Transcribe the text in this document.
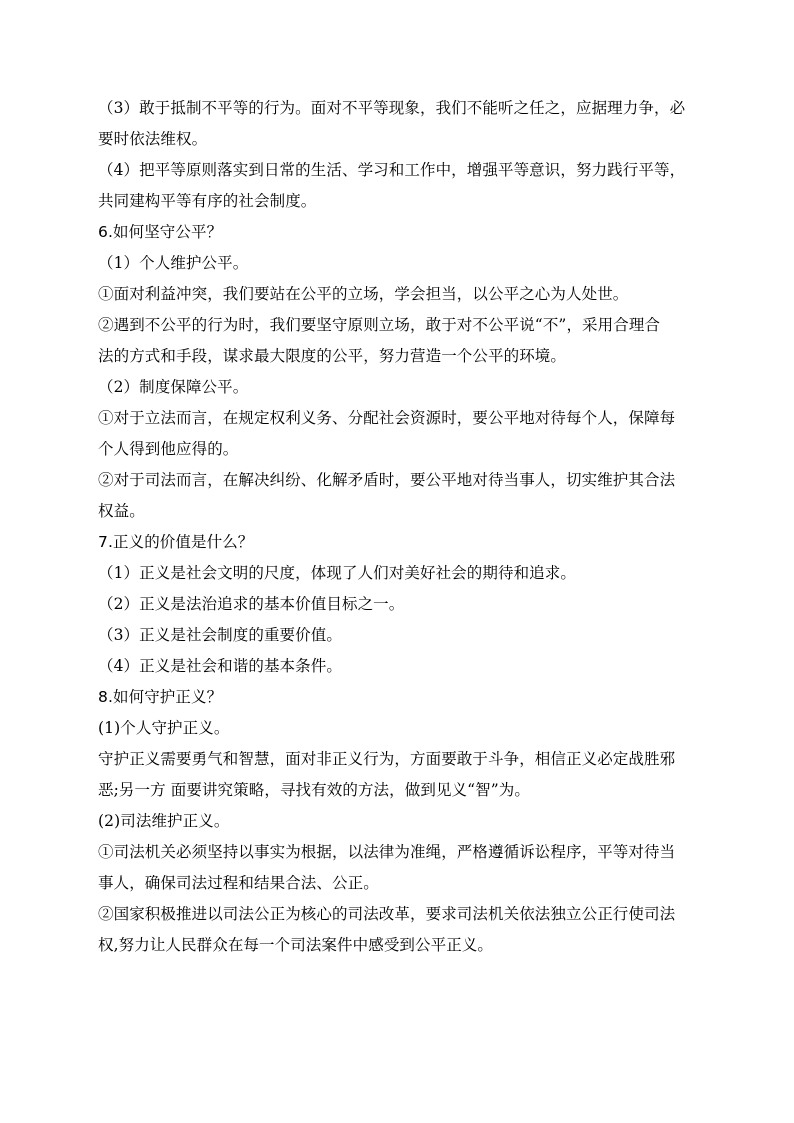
（3）敢于抵制不平等的行为。面对不平等现象，我们不能听之任之，应据理力争，必
要时依法维权。
（4）把平等原则落实到日常的生活、学习和工作中，增强平等意识，努力践行平等，
共同建构平等有序的社会制度。
6.如何坚守公平？
（1）个人维护公平。
①面对利益冲突，我们要站在公平的立场，学会担当，以公平之心为人处世。
②遇到不公平的行为时，我们要坚守原则立场，敢于对不公平说“不”，采用合理合
法的方式和手段，谋求最大限度的公平，努力营造一个公平的环境。
（2）制度保障公平。
①对于立法而言，在规定权利义务、分配社会资源时，要公平地对待每个人，保障每
个人得到他应得的。
②对于司法而言，在解决纠纷、化解矛盾时，要公平地对待当事人，切实维护其合法
权益。
7.正义的价值是什么？
（1）正义是社会文明的尺度，体现了人们对美好社会的期待和追求。
（2）正义是法治追求的基本价值目标之一。
（3）正义是社会制度的重要价值。
（4）正义是社会和谐的基本条件。
8.如何守护正义？
(1)个人守护正义。
守护正义需要勇气和智慧，面对非正义行为，方面要敢于斗争，相信正义必定战胜邪
恶;另一方 面要讲究策略，寻找有效的方法，做到见义“智”为。
(2)司法维护正义。
①司法机关必须坚持以事实为根据，以法律为准绳，严格遵循诉讼程序，平等对待当
事人，确保司法过程和结果合法、公正。
②国家积极推进以司法公正为核心的司法改革，要求司法机关依法独立公正行使司法
权,努力让人民群众在每一个司法案件中感受到公平正义。
